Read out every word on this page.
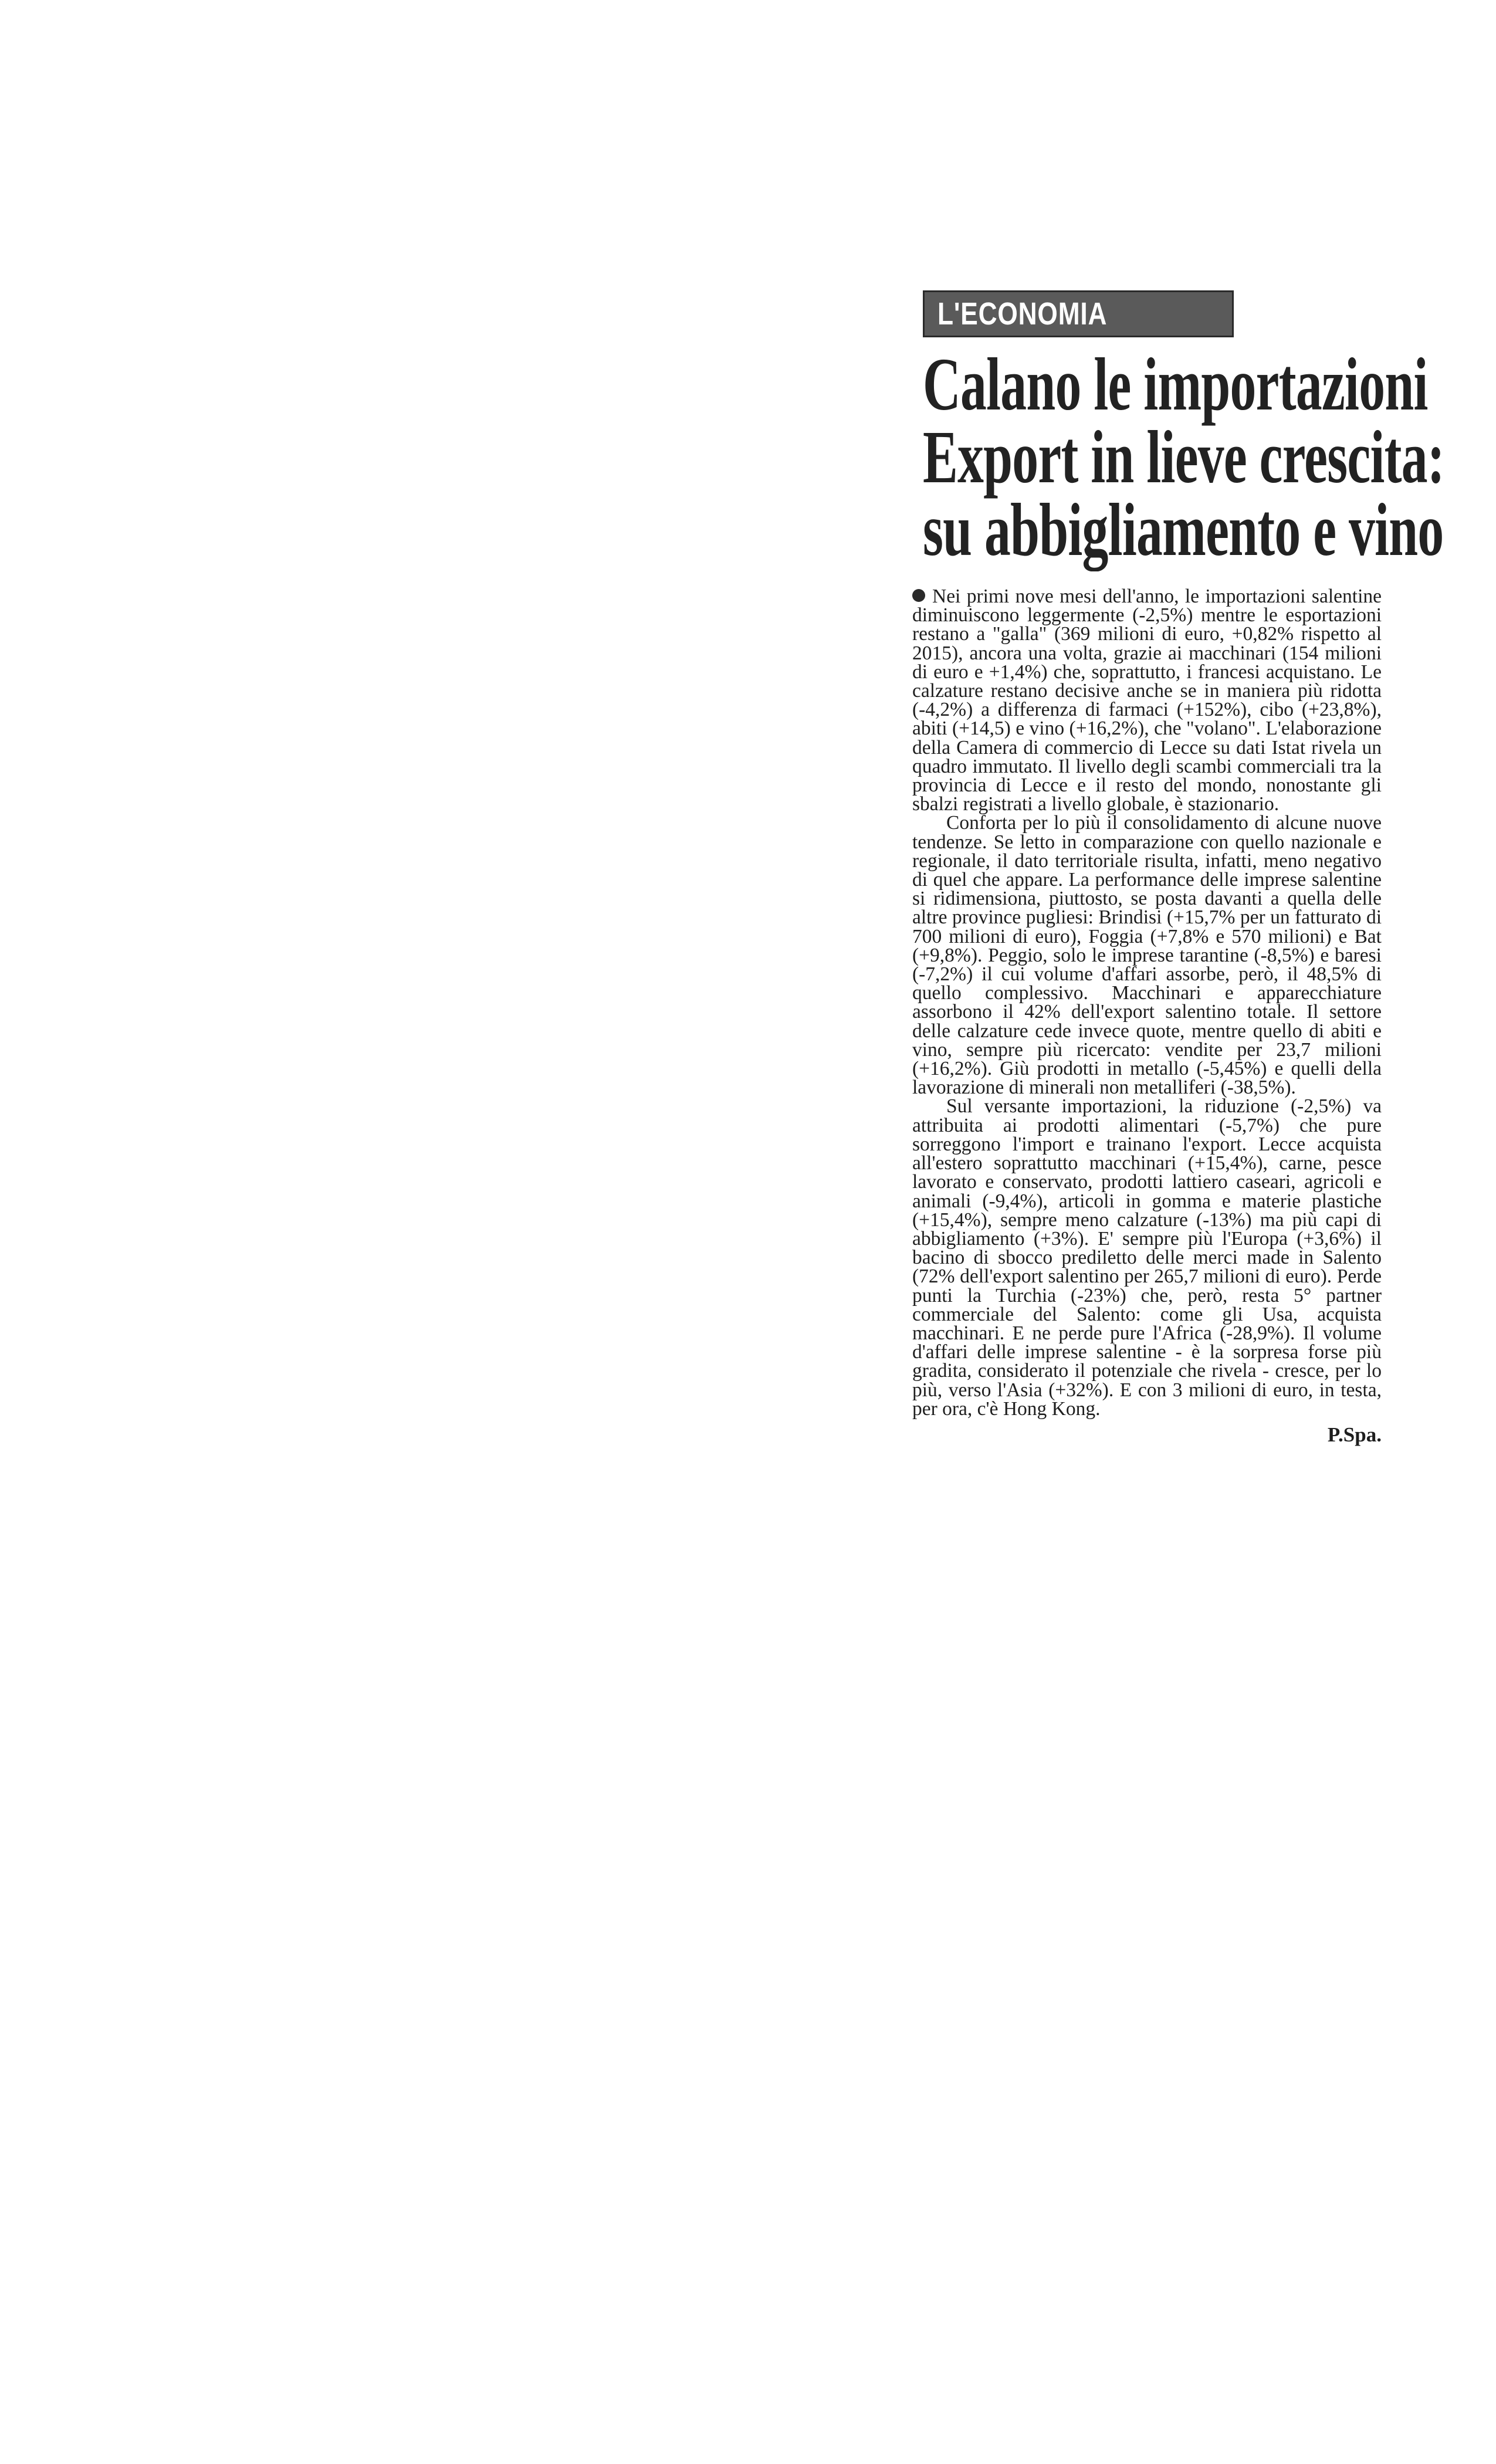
L'ECONOMIA
Calano le importazioni
Export in lieve crescita:
su abbigliamento e vino

Nei primi nove mesi dell'anno, le importazioni salentine diminuiscono leggermente (-2,5%) mentre le esportazioni restano a "galla" (369 milioni di euro, +0,82% rispetto al 2015), ancora una volta, grazie ai macchinari (154 milioni di euro e +1,4%) che, soprattutto, i francesi acquistano. Le calzature restano decisive anche se in maniera più ridotta (-4,2%) a differenza di farmaci (+152%), cibo (+23,8%), abiti (+14,5) e vino (+16,2%), che "volano". L'elaborazione della Camera di commercio di Lecce su dati Istat rivela un quadro immutato. Il livello degli scambi commerciali tra la provincia di Lecce e il resto del mondo, nonostante gli sbalzi registrati a livello globale, è stazionario.

Conforta per lo più il consolidamento di alcune nuove tendenze. Se letto in comparazione con quello nazionale e regionale, il dato territoriale risulta, infatti, meno negativo di quel che appare. La performance delle imprese salentine si ridimensiona, piuttosto, se posta davanti a quella delle altre province pugliesi: Brindisi (+15,7% per un fatturato di 700 milioni di euro), Foggia (+7,8% e 570 milioni) e Bat (+9,8%). Peggio, solo le imprese tarantine (-8,5%) e baresi (-7,2%) il cui volume d'affari assorbe, però, il 48,5% di quello complessivo. Macchinari e apparecchiature assorbono il 42% dell'export salentino totale. Il settore delle calzature cede invece quote, mentre quello di abiti e vino, sempre più ricercato: vendite per 23,7 milioni (+16,2%). Giù prodotti in metallo (-5,45%) e quelli della lavorazione di minerali non metalliferi (-38,5%).

Sul versante importazioni, la riduzione (-2,5%) va attribuita ai prodotti alimentari (-5,7%) che pure sorreggono l'import e trainano l'export. Lecce acquista all'estero soprattutto macchinari (+15,4%), carne, pesce lavorato e conservato, prodotti lattiero caseari, agricoli e animali (-9,4%), articoli in gomma e materie plastiche (+15,4%), sempre meno calzature (-13%) ma più capi di abbigliamento (+3%). E' sempre più l'Europa (+3,6%) il bacino di sbocco prediletto delle merci made in Salento (72% dell'export salentino per 265,7 milioni di euro). Perde punti la Turchia (-23%) che, però, resta 5° partner commerciale del Salento: come gli Usa, acquista macchinari. E ne perde pure l'Africa (-28,9%). Il volume d'affari delle imprese salentine - è la sorpresa forse più gradita, considerato il potenziale che rivela - cresce, per lo più, verso l'Asia (+32%). E con 3 milioni di euro, in testa, per ora, c'è Hong Kong.

P.Spa.
